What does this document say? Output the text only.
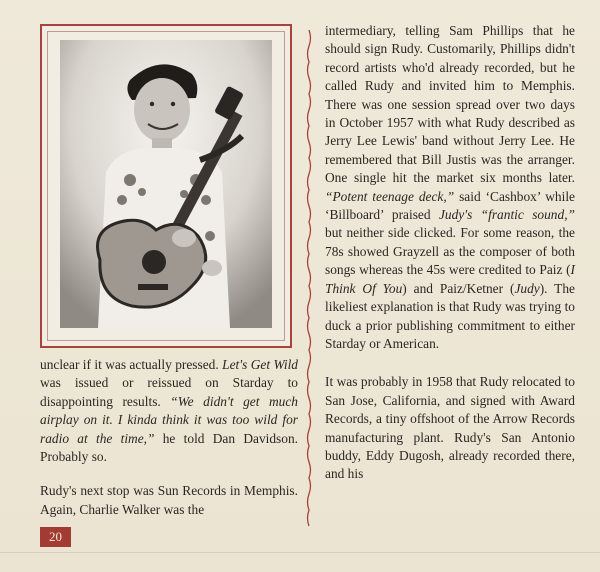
unclear if it was actually pressed. Let's Get Wild was issued or reissued on Starday to disappointing results. “We didn't get much airplay on it. I kinda think it was too wild for radio at the time,” he told Dan Davidson. Probably so.

Rudy's next stop was Sun Records in Memphis. Again, Charlie Walker was the

intermediary, telling Sam Phillips that he should sign Rudy. Customarily, Phillips didn't record artists who'd already recorded, but he called Rudy and invited him to Memphis. There was one session spread over two days in October 1957 with what Rudy described as Jerry Lee Lewis' band without Jerry Lee. He remembered that Bill Justis was the arranger. One single hit the market six months later. “Potent teenage deck,” said ‘Cashbox’ while ‘Billboard’ praised Judy's “frantic sound,” but neither side clicked. For some reason, the 78s showed Grayzell as the composer of both songs whereas the 45s were credited to Paiz (I Think Of You) and Paiz/Ketner (Judy). The likeliest explanation is that Rudy was trying to duck a prior publishing commitment to either Starday or American.

It was probably in 1958 that Rudy relocated to San Jose, California, and signed with Award Records, a tiny offshoot of the Arrow Records manufacturing plant. Rudy's San Antonio buddy, Eddy Dugosh, already recorded there, and his

20
